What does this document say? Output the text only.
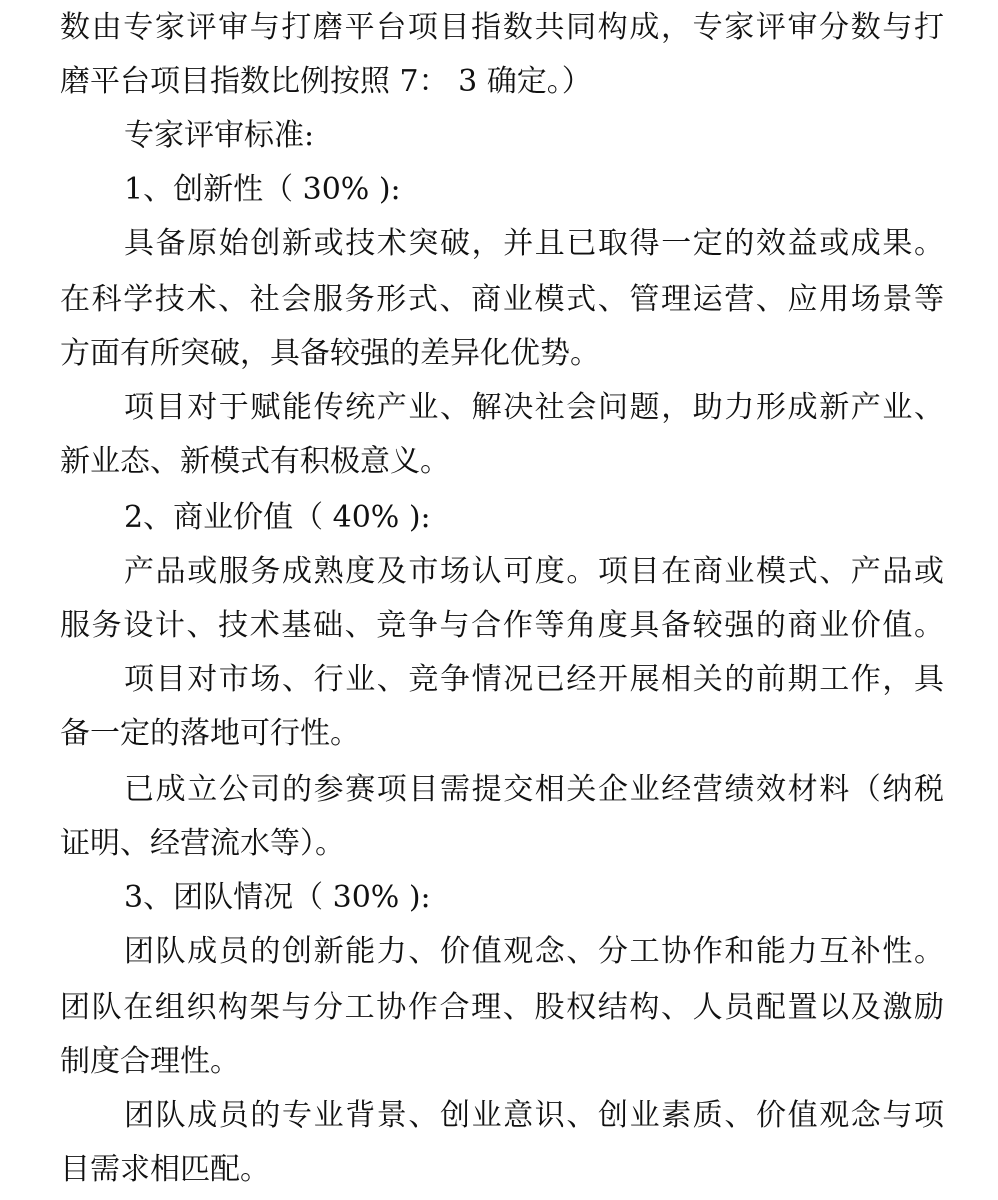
数由专家评审与打磨平台项目指数共同构成，专家评审分数与打
磨平台项目指数比例按照 7： 3 确定。）
专家评审标准:
1、创新性（ 30% ):
具备原始创新或技术突破，并且已取得一定的效益或成果。
在科学技术、社会服务形式、商业模式、管理运营、应用场景等
方面有所突破，具备较强的差异化优势。
项目对于赋能传统产业、解决社会问题，助力形成新产业、
新业态、新模式有积极意义。
2、商业价值（ 40% ):
产品或服务成熟度及市场认可度。项目在商业模式、产品或
服务设计、技术基础、竞争与合作等角度具备较强的商业价值。
项目对市场、行业、竞争情况已经开展相关的前期工作，具
备一定的落地可行性。
已成立公司的参赛项目需提交相关企业经营绩效材料（纳税
证明、经营流水等）。
3、团队情况（ 30% ):
团队成员的创新能力、价值观念、分工协作和能力互补性。
团队在组织构架与分工协作合理、股权结构、人员配置以及激励
制度合理性。
团队成员的专业背景、创业意识、创业素质、价值观念与项
目需求相匹配。
